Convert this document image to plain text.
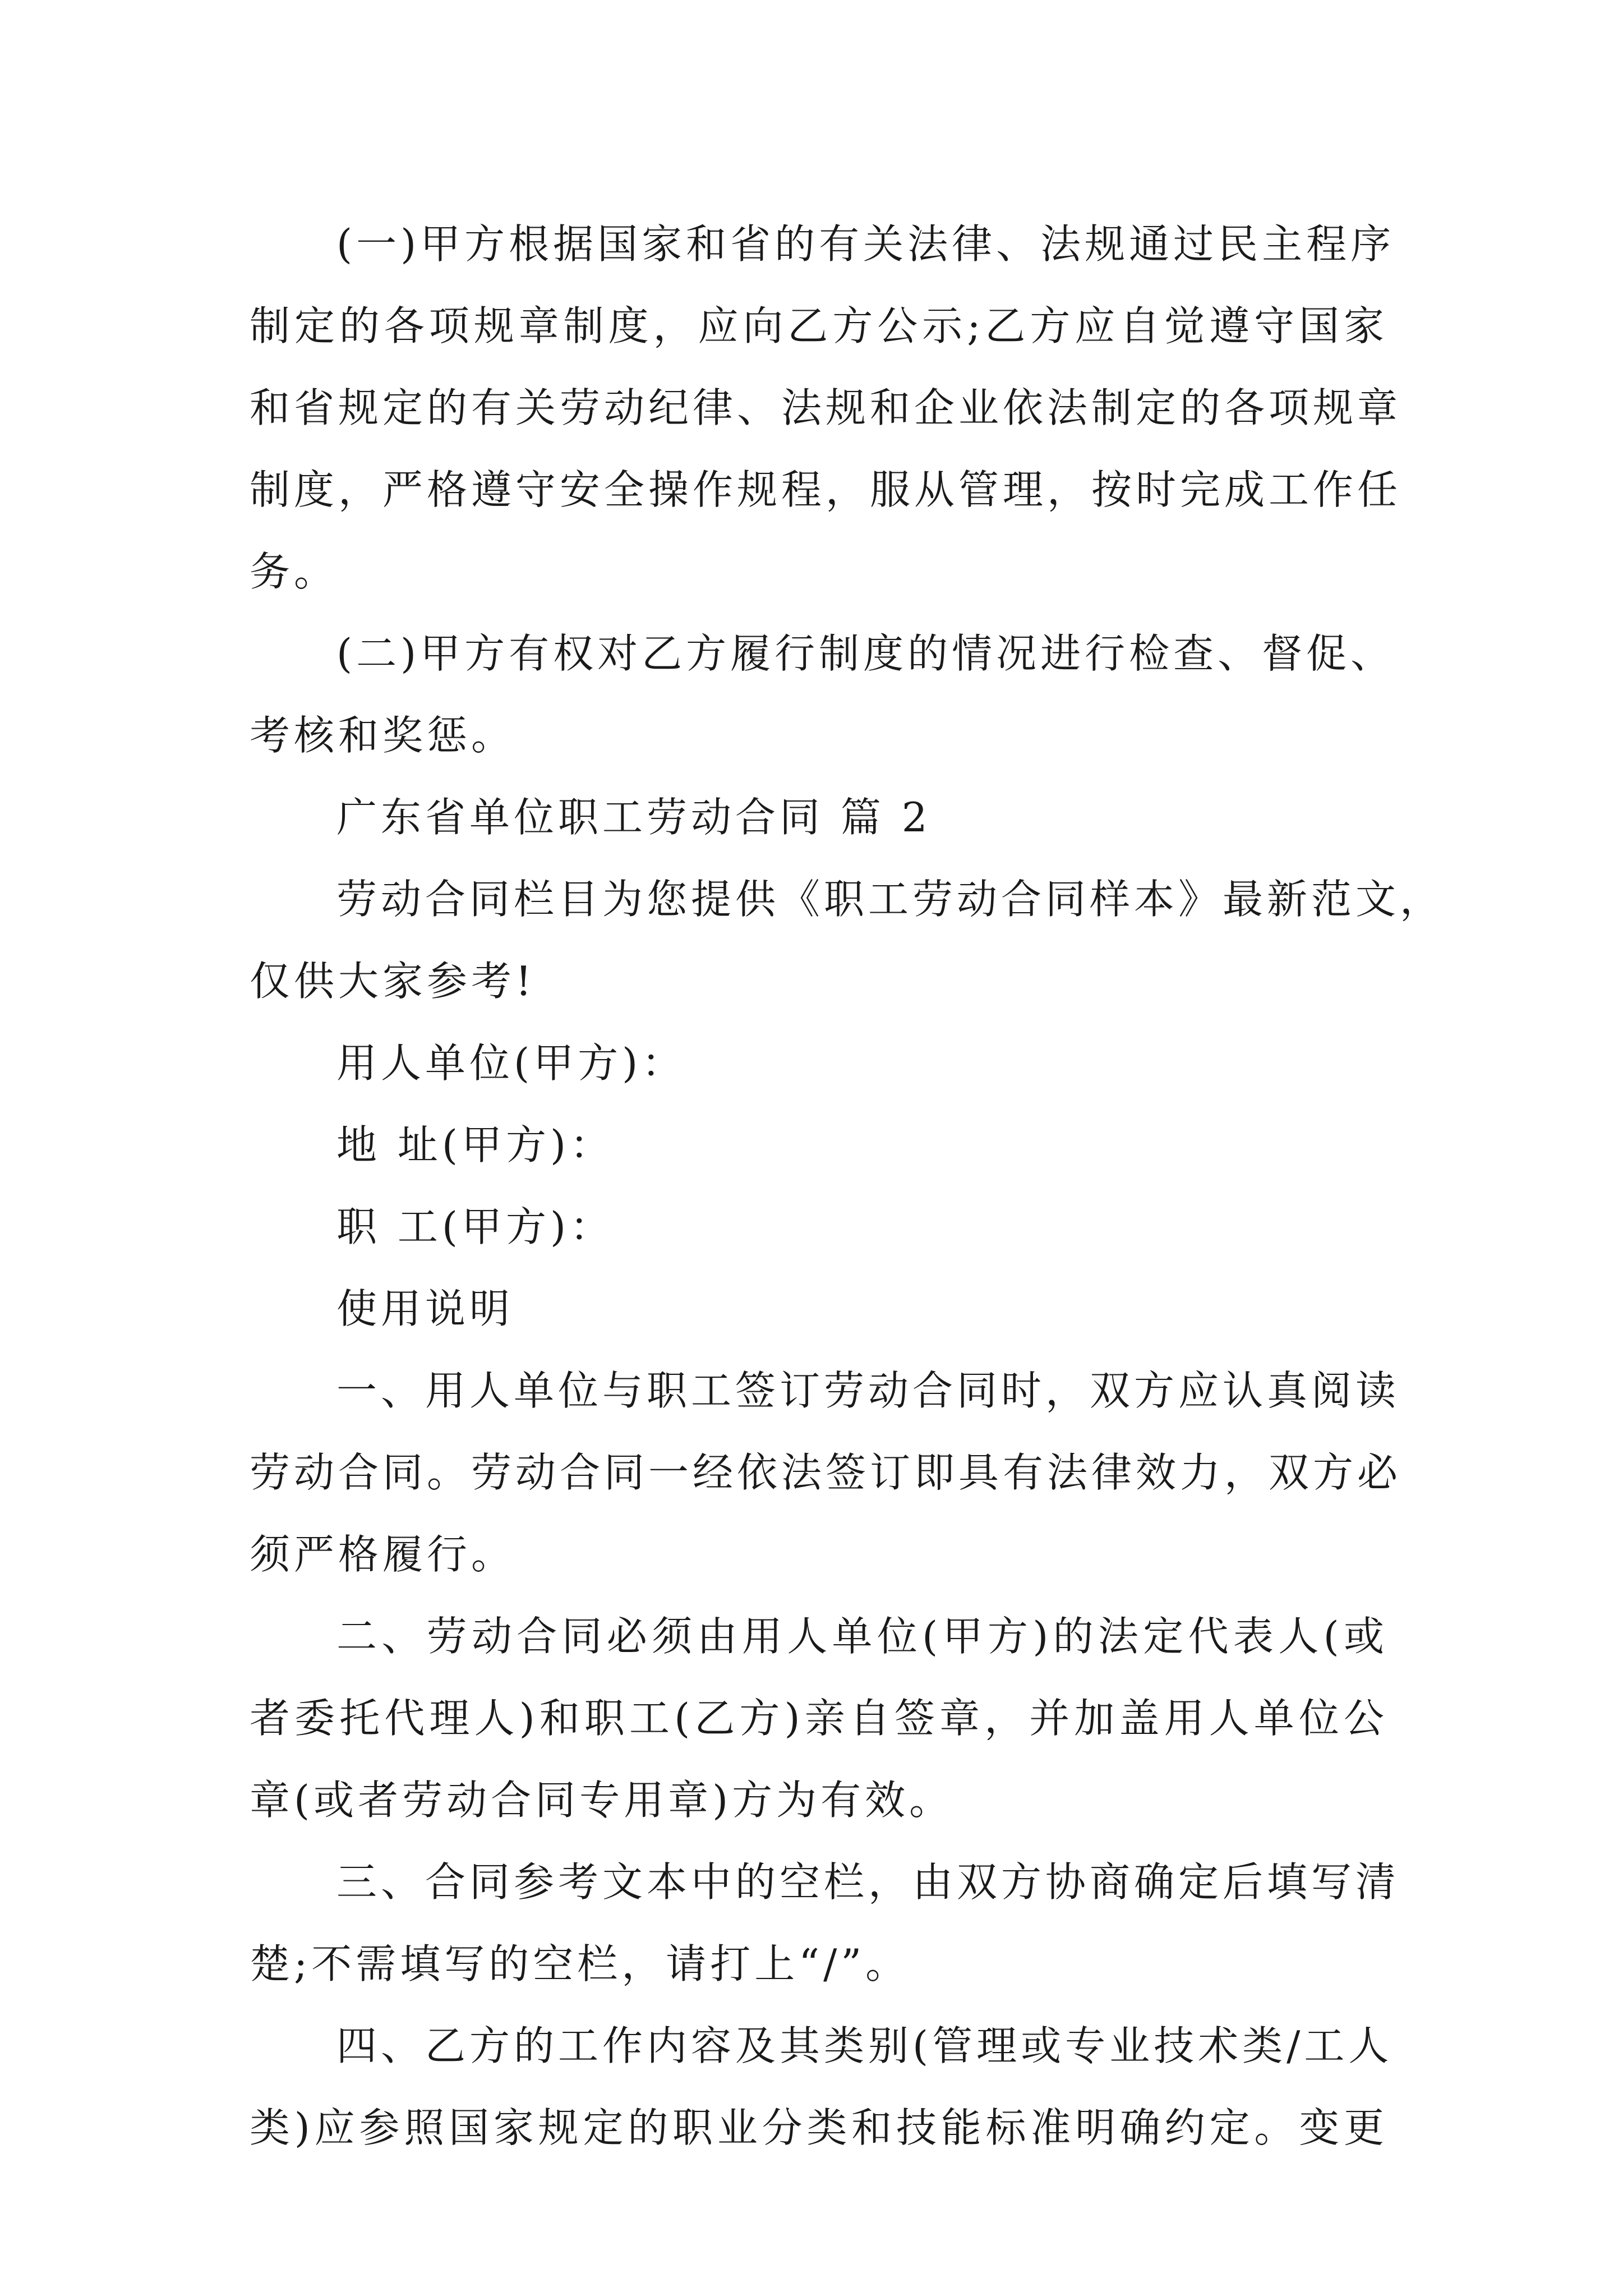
(一)甲方根据国家和省的有关法律、法规通过民主程序
制定的各项规章制度，应向乙方公示;乙方应自觉遵守国家
和省规定的有关劳动纪律、法规和企业依法制定的各项规章
制度，严格遵守安全操作规程，服从管理，按时完成工作任
务。
(二)甲方有权对乙方履行制度的情况进行检查、督促、
考核和奖惩。
广东省单位职工劳动合同 篇 2
劳动合同栏目为您提供《职工劳动合同样本》最新范文，
仅供大家参考!
用人单位(甲方)：
地 址(甲方)：
职 工(甲方)：
使用说明
一、用人单位与职工签订劳动合同时，双方应认真阅读
劳动合同。劳动合同一经依法签订即具有法律效力，双方必
须严格履行。
二、劳动合同必须由用人单位(甲方)的法定代表人(或
者委托代理人)和职工(乙方)亲自签章，并加盖用人单位公
章(或者劳动合同专用章)方为有效。
三、合同参考文本中的空栏，由双方协商确定后填写清
楚;不需填写的空栏，请打上“/”。
四、乙方的工作内容及其类别(管理或专业技术类/工人
类)应参照国家规定的职业分类和技能标准明确约定。变更
